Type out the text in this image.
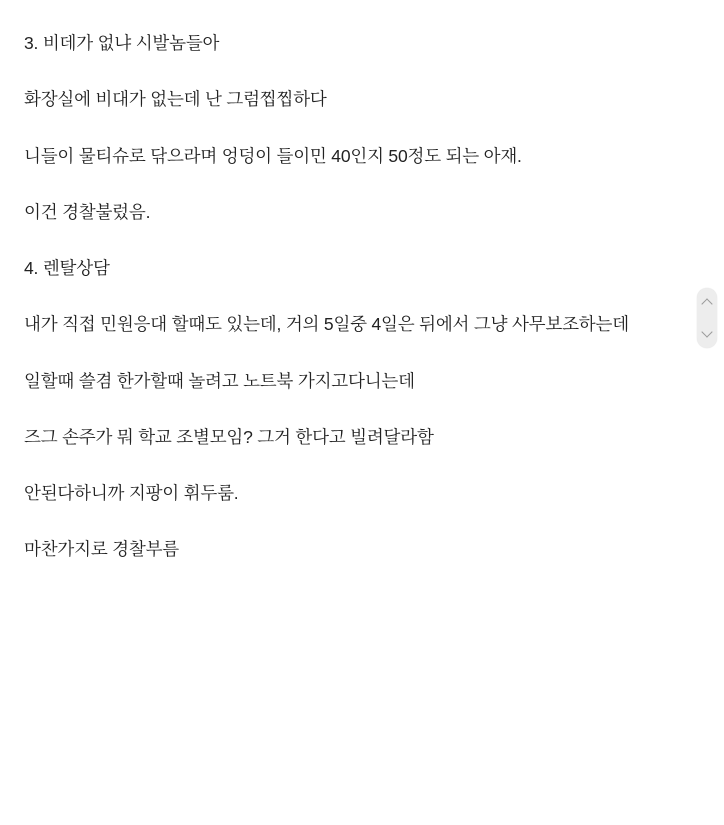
3. 비데가 없냐 시발놈들아

화장실에 비대가 없는데 난 그럼찝찝하다

니들이 물티슈로 닦으라며 엉덩이 들이민 40인지 50정도 되는 아재.

이건 경찰불렀음.

4. 렌탈상담

내가 직접 민원응대 할때도 있는데, 거의 5일중 4일은 뒤에서 그냥 사무보조하는데

일할때 쓸겸 한가할때 놀려고 노트북 가지고다니는데

즈그 손주가 뭐 학교 조별모임? 그거 한다고 빌려달라함

안된다하니까 지팡이 휘두룸.

마찬가지로 경찰부름
